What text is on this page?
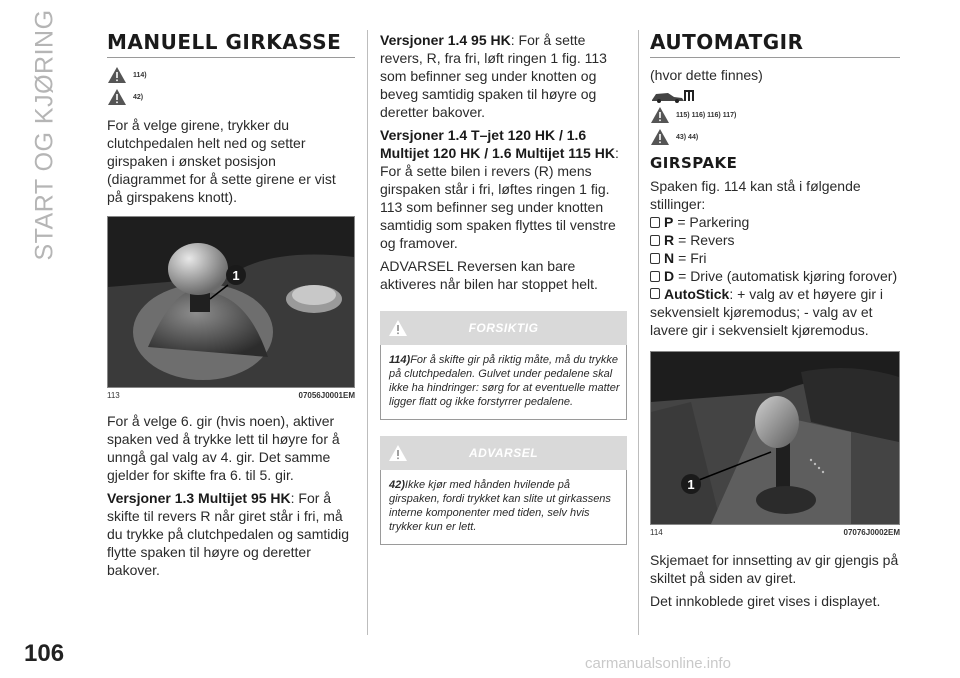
START OG KJØRING
106	carmanualsonline.info
MANUELL GIRKASSE
114)
42)

For å velge girene, trykker du clutchpedalen helt ned og setter girspaken i ønsket posisjon (diagrammet for å sette girene er vist på girspakens knott).

1
113	07056J0001EM

For å velge 6. gir (hvis noen), aktiver spaken ved å trykke lett til høyre for å unngå gal valg av 4. gir. Det samme gjelder for skifte fra 6. til 5. gir.

Versjoner 1.3 Multijet 95 HK: For å skifte til revers R når giret står i fri, må du trykke på clutchpedalen og samtidig flytte spaken til høyre og deretter bakover.

Versjoner 1.4 95 HK: For å sette revers, R, fra fri, løft ringen 1 fig. 113 som befinner seg under knotten og beveg samtidig spaken til høyre og deretter bakover.

Versjoner 1.4 T–jet 120 HK / 1.6 Multijet 120 HK / 1.6 Multijet 115 HK: For å sette bilen i revers (R) mens girspaken står i fri, løftes ringen 1 fig. 113 som befinner seg under knotten samtidig som spaken flyttes til venstre og framover.

ADVARSEL Reversen kan bare aktiveres når bilen har stoppet helt.

FORSIKTIG
114)For å skifte gir på riktig måte, må du trykke på clutchpedalen. Gulvet under pedalene skal ikke ha hindringer: sørg for at eventuelle matter ligger flatt og ikke forstyrrer pedalene.
ADVARSEL
42)Ikke kjør med hånden hvilende på girspaken, fordi trykket kan slite ut girkassens interne komponenter med tiden, selv hvis trykker kun er lett.
AUTOMATGIR

(hvor dette finnes)

115) 116) 116) 117)
43) 44)
GIRSPAKE

Spaken fig. 114 kan stå i følgende stillinger:

P = Parkering
R = Revers
N = Fri
D = Drive (automatisk kjøring forover)

AutoStick: + valg av et høyere gir i sekvensielt kjøremodus; - valg av et lavere gir i sekvensielt kjøremodus.

1
114	07076J0002EM

Skjemaet for innsetting av gir gjengis på skiltet på siden av giret.

Det innkoblede giret vises i displayet.
